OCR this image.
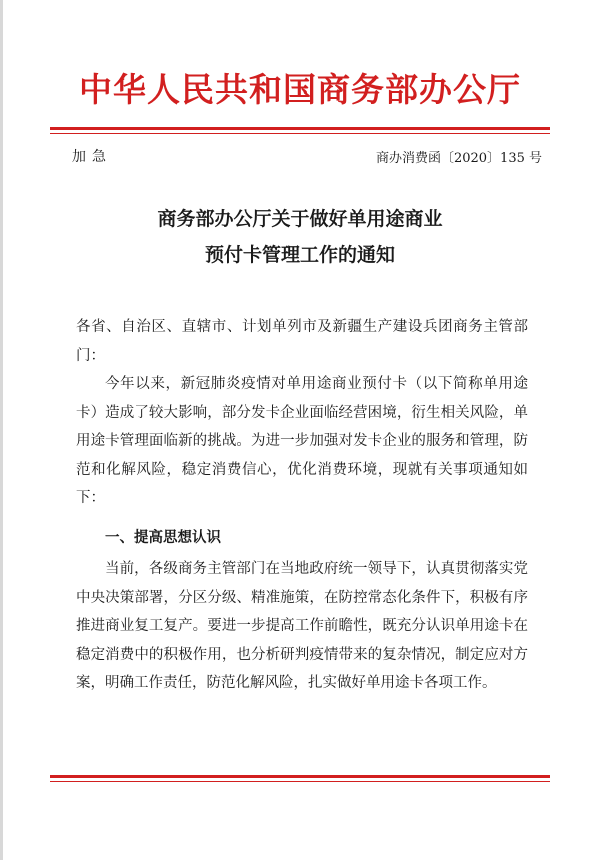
中华人民共和国商务部办公厅
加急	商办消费函〔2020〕135 号
商务部办公厅关于做好单用途商业
预付卡管理工作的通知

各省、自治区、直辖市、计划单列市及新疆生产建设兵团商务主管部门：

今年以来，新冠肺炎疫情对单用途商业预付卡（以下简称单用途卡）造成了较大影响，部分发卡企业面临经营困境，衍生相关风险，单用途卡管理面临新的挑战。为进一步加强对发卡企业的服务和管理，防范和化解风险，稳定消费信心，优化消费环境，现就有关事项通知如下：

一、提高思想认识

当前，各级商务主管部门在当地政府统一领导下，认真贯彻落实党中央决策部署，分区分级、精准施策，在防控常态化条件下，积极有序推进商业复工复产。要进一步提高工作前瞻性，既充分认识单用途卡在稳定消费中的积极作用，也分析研判疫情带来的复杂情况，制定应对方案，明确工作责任，防范化解风险，扎实做好单用途卡各项工作。
